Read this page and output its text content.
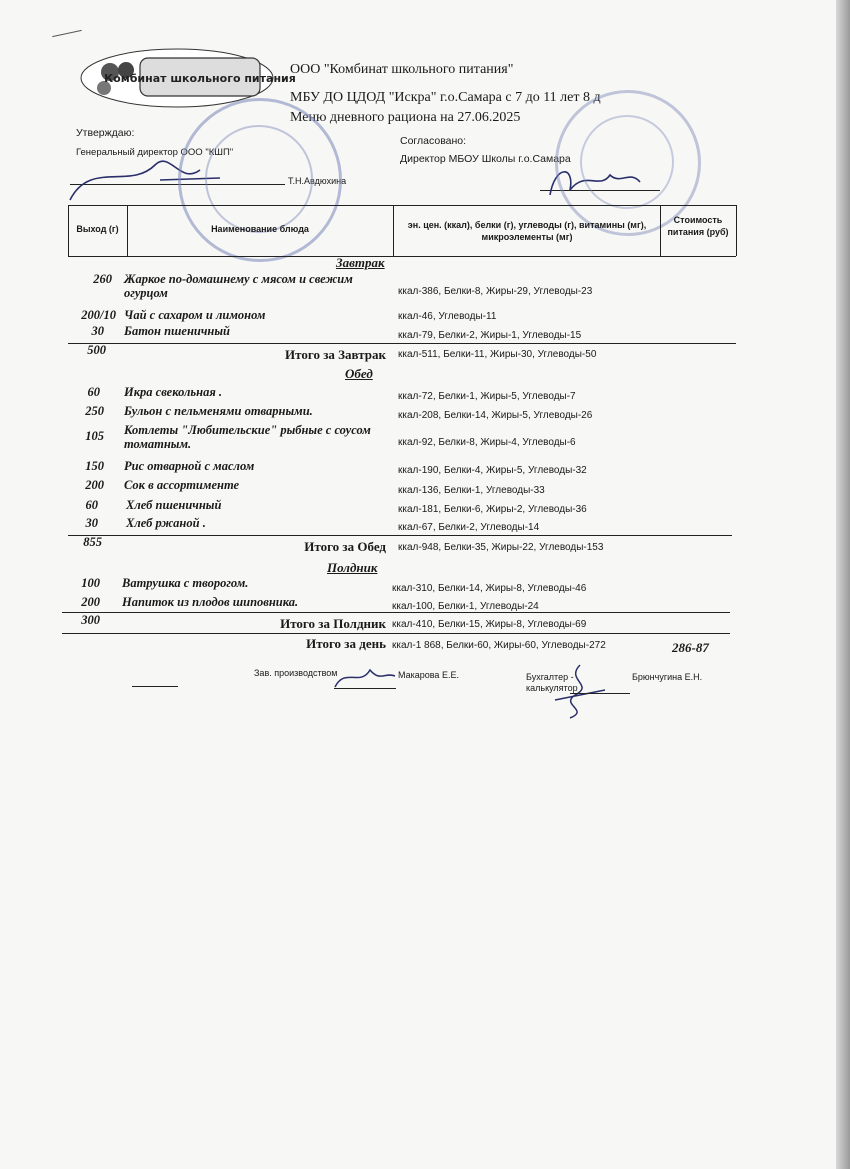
Комбинат школьного питания
ООО "Комбинат школьного питания"
МБУ ДО ЦДОД "Искра" г.о.Самара с 7 до 11 лет 8 д
Меню дневного рациона на 27.06.2025
Утверждаю:
Генеральный директор ООО "КШП"
Т.Н.Авдюхина
Согласовано:
Директор МБОУ Школы г.о.Самара
Выход (г)	Наименование блюда	эн. цен. (ккал), белки (г), углеводы (г), витамины (мг), микроэлементы (мг)
Стоимость питания (руб)
Завтрак
260 Жаркое по-домашнему с мясом и свежим огурцом	ккал-386, Белки-8, Жиры-29, Углеводы-23
200/10 Чай с сахаром и лимоном	ккал-46, Углеводы-11
30 Батон пшеничный	ккал-79, Белки-2, Жиры-1, Углеводы-15
500	Итого за Завтрак ккал-511, Белки-11, Жиры-30, Углеводы-50
Обед
60 Икра свекольная .	ккал-72, Белки-1, Жиры-5, Углеводы-7
250 Бульон с пельменями отварными.	ккал-208, Белки-14, Жиры-5, Углеводы-26
105 Котлеты "Любительские" рыбные с соусом томатным.	ккал-92, Белки-8, Жиры-4, Углеводы-6
150 Рис отварной с маслом	ккал-190, Белки-4, Жиры-5, Углеводы-32
200 Сок в ассортименте	ккал-136, Белки-1, Углеводы-33
60 Хлеб пшеничный	ккал-181, Белки-6, Жиры-2, Углеводы-36
30 Хлеб ржаной .	ккал-67, Белки-2, Углеводы-14
855	Итого за Обед ккал-948, Белки-35, Жиры-22, Углеводы-153
Полдник
100 Ватрушка с творогом.	ккал-310, Белки-14, Жиры-8, Углеводы-46
200 Напиток из плодов шиповника.	ккал-100, Белки-1, Углеводы-24
300	Итого за Полдник ккал-410, Белки-15, Жиры-8, Углеводы-69
Итого за день ккал-1 868, Белки-60, Жиры-60, Углеводы-272	286-87
Зав. производством	Макарова Е.Е.	Бухгалтер - калькулятор
Брюнчугина Е.Н.
